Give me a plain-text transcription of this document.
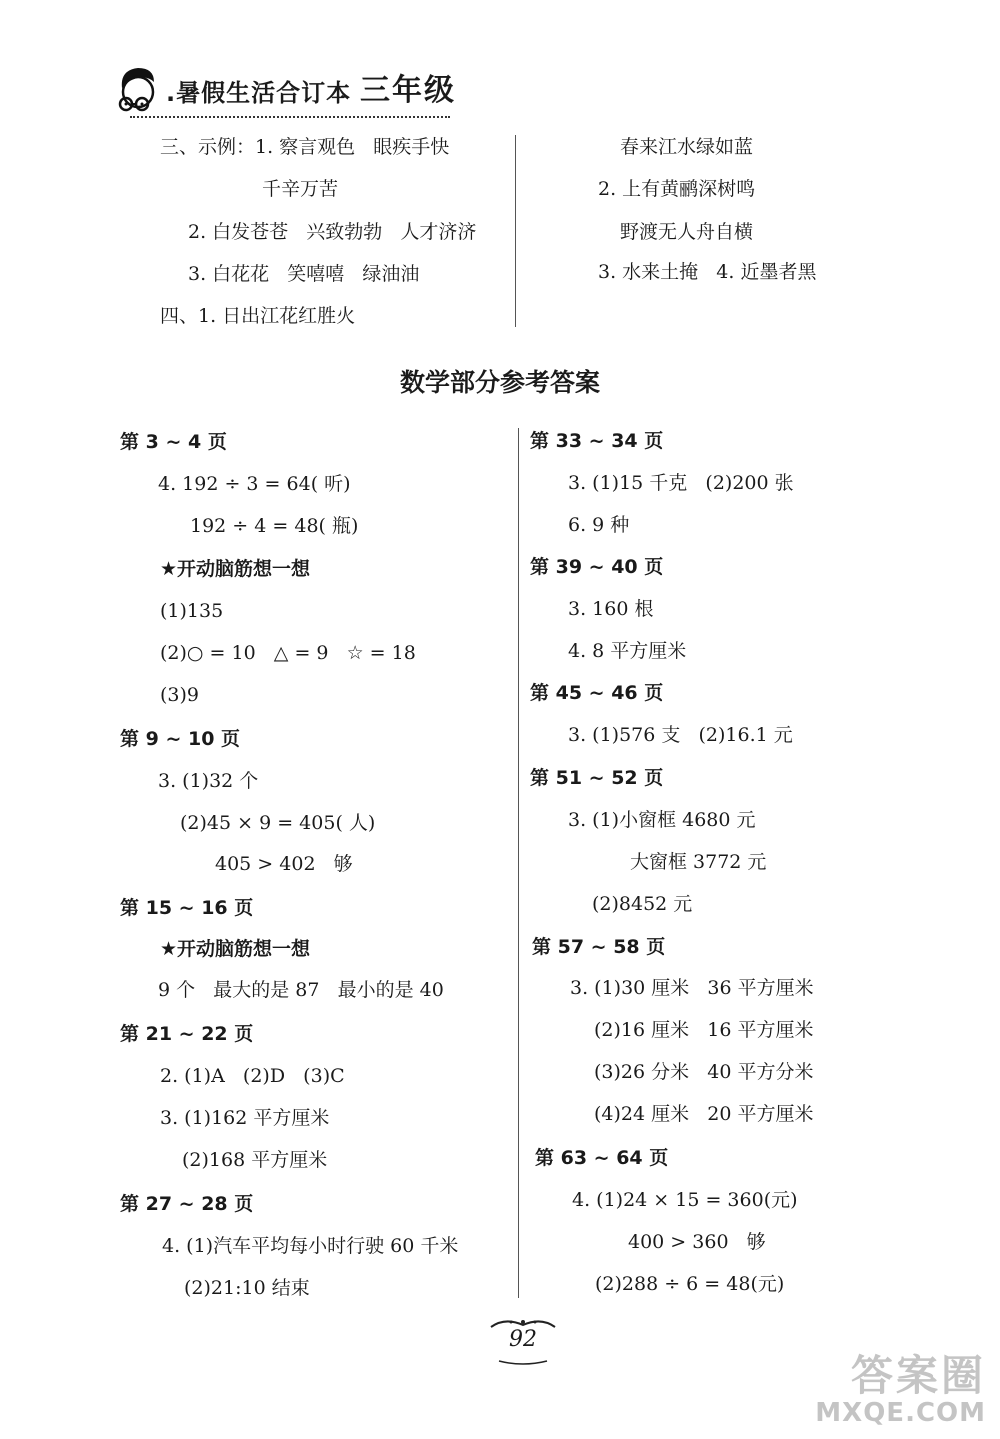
.暑假生活合订本 三年级
三、示例：1. 察言观色   眼疾手快
千辛万苦
2. 白发苍苍   兴致勃勃   人才济济
3. 白花花   笑嘻嘻   绿油油
四、1. 日出江花红胜火
春来江水绿如蓝
2. 上有黄鹂深树鸣
野渡无人舟自横
3. 水来土掩   4. 近墨者黑
数学部分参考答案
第 3 ~ 4 页
4. 192 ÷ 3 = 64( 听)
192 ÷ 4 = 48( 瓶)
★开动脑筋想一想
(1)135
(2)○ = 10   △ = 9   ☆ = 18
(3)9
第 9 ~ 10 页
3. (1)32 个
(2)45 × 9 = 405( 人)
405 > 402   够
第 15 ~ 16 页
★开动脑筋想一想
9 个   最大的是 87   最小的是 40
第 21 ~ 22 页
2. (1)A   (2)D   (3)C
3. (1)162 平方厘米
(2)168 平方厘米
第 27 ~ 28 页
4. (1)汽车平均每小时行驶 60 千米
(2)21:10 结束
第 33 ~ 34 页
3. (1)15 千克   (2)200 张
6. 9 种
第 39 ~ 40 页
3. 160 根
4. 8 平方厘米
第 45 ~ 46 页
3. (1)576 支   (2)16.1 元
第 51 ~ 52 页
3. (1)小窗框 4680 元
大窗框 3772 元
(2)8452 元
第 57 ~ 58 页
3. (1)30 厘米   36 平方厘米
(2)16 厘米   16 平方厘米
(3)26 分米   40 平方分米
(4)24 厘米   20 平方厘米
第 63 ~ 64 页
4. (1)24 × 15 = 360(元)
400 > 360   够
(2)288 ÷ 6 = 48(元)
92
答案圈
MXQE.COM
